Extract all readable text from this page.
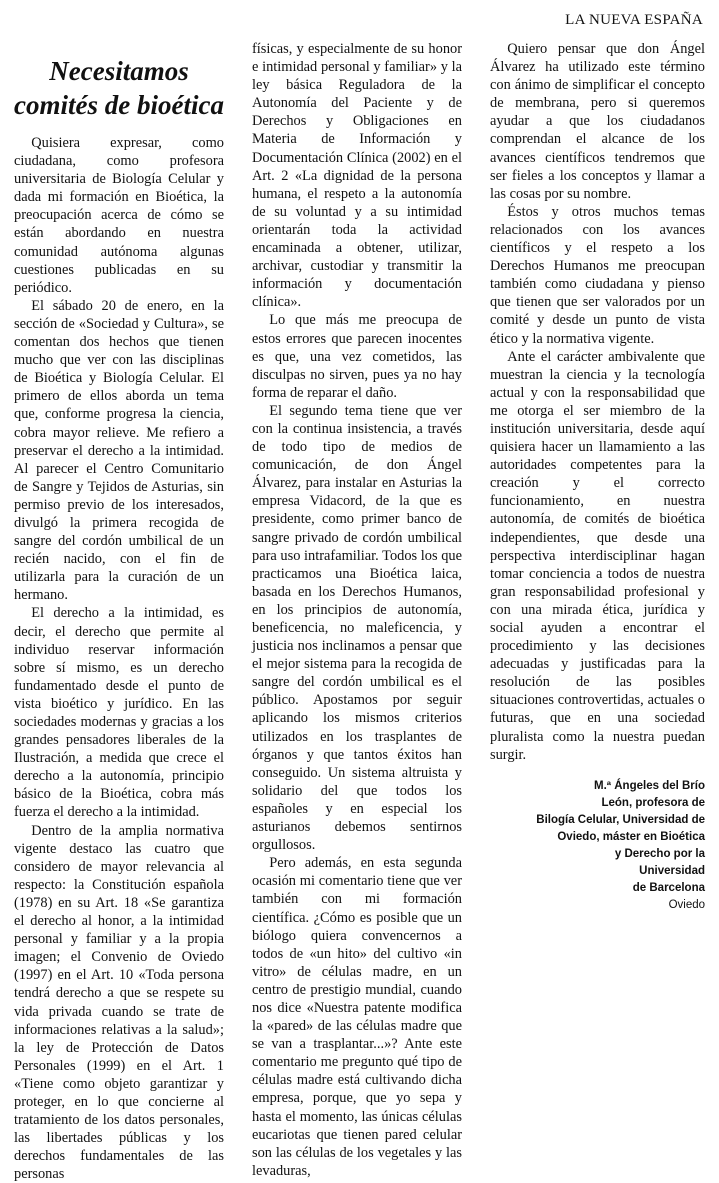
LA NUEVA ESPAÑA
Necesitamos comités de bioética

Quisiera expresar, como ciudadana, como profesora universitaria de Biología Celular y dada mi formación en Bioética, la preocupación acerca de cómo se están abordando en nuestra comunidad autónoma algunas cuestiones publicadas en su periódico.

El sábado 20 de enero, en la sección de «Sociedad y Cultura», se comentan dos hechos que tienen mucho que ver con las disciplinas de Bioética y Biología Celular. El primero de ellos aborda un tema que, conforme progresa la ciencia, cobra mayor relieve. Me refiero a preservar el derecho a la intimidad. Al parecer el Centro Comunitario de Sangre y Tejidos de Asturias, sin permiso previo de los interesados, divulgó la primera recogida de sangre del cordón umbilical de un recién nacido, con el fin de utilizarla para la curación de un hermano.

El derecho a la intimidad, es decir, el derecho que permite al individuo reservar información sobre sí mismo, es un derecho fundamentado desde el punto de vista bioético y jurídico. En las sociedades modernas y gracias a los grandes pensadores liberales de la Ilustración, a medida que crece el derecho a la autonomía, principio básico de la Bioética, cobra más fuerza el derecho a la intimidad.

Dentro de la amplia normativa vigente destaco las cuatro que considero de mayor relevancia al respecto: la Constitución española (1978) en su Art. 18 «Se garantiza el derecho al honor, a la intimidad personal y familiar y a la propia imagen; el Convenio de Oviedo (1997) en el Art. 10 «Toda persona tendrá derecho a que se respete su vida privada cuando se trate de informaciones relativas a la salud»; la ley de Protección de Datos Personales (1999) en el Art. 1 «Tiene como objeto garantizar y proteger, en lo que concierne al tratamiento de los datos personales, las libertades públicas y los derechos fundamentales de las personas

físicas, y especialmente de su honor e intimidad personal y familiar» y la ley básica Reguladora de la Autonomía del Paciente y de Derechos y Obligaciones en Materia de Información y Documentación Clínica (2002) en el Art. 2 «La dignidad de la persona humana, el respeto a la autonomía de su voluntad y a su intimidad orientarán toda la actividad encaminada a obtener, utilizar, archivar, custodiar y transmitir la información y documentación clínica».

Lo que más me preocupa de estos errores que parecen inocentes es que, una vez cometidos, las disculpas no sirven, pues ya no hay forma de reparar el daño.

El segundo tema tiene que ver con la continua insistencia, a través de todo tipo de medios de comunicación, de don Ángel Álvarez, para instalar en Asturias la empresa Vidacord, de la que es presidente, como primer banco de sangre privado de cordón umbilical para uso intrafamiliar. Todos los que practicamos una Bioética laica, basada en los Derechos Humanos, en los principios de autonomía, beneficencia, no maleficencia, y justicia nos inclinamos a pensar que el mejor sistema para la recogida de sangre del cordón umbilical es el público. Apostamos por seguir aplicando los mismos criterios utilizados en los trasplantes de órganos y que tantos éxitos han conseguido. Un sistema altruista y solidario del que todos los españoles y en especial los asturianos debemos sentirnos orgullosos.

Pero además, en esta segunda ocasión mi comentario tiene que ver también con mi formación científica. ¿Cómo es posible que un biólogo quiera convencernos a todos de «un hito» del cultivo «in vitro» de células madre, en un centro de prestigio mundial, cuando nos dice «Nuestra patente modifica la «pared» de las células madre que se van a trasplantar...»? Ante este comentario me pregunto qué tipo de células madre está cultivando dicha empresa, porque, que yo sepa y hasta el momento, las únicas células eucariotas que tienen pared celular son las células de los vegetales y las levaduras,

Quiero pensar que don Ángel Álvarez ha utilizado este término con ánimo de simplificar el concepto de membrana, pero si queremos ayudar a que los ciudadanos comprendan el alcance de los avances científicos tendremos que ser fieles a los conceptos y llamar a las cosas por su nombre.

Éstos y otros muchos temas relacionados con los avances científicos y el respeto a los Derechos Humanos me preocupan también como ciudadana y pienso que tienen que ser valorados por un comité y desde un punto de vista ético y la normativa vigente.

Ante el carácter ambivalente que muestran la ciencia y la tecnología actual y con la responsabilidad que me otorga el ser miembro de la institución universitaria, desde aquí quisiera hacer un llamamiento a las autoridades competentes para la creación y el correcto funcionamiento, en nuestra autonomía, de comités de bioética independientes, que desde una perspectiva interdisciplinar hagan tomar conciencia a todos de nuestra gran responsabilidad profesional y con una mirada ética, jurídica y social ayuden a encontrar el procedimiento y las decisiones adecuadas y justificadas para la resolución de las posibles situaciones controvertidas, actuales o futuras, que en una sociedad pluralista como la nuestra puedan surgir.

M.ª Ángeles del Brío
León, profesora de
Bilogía Celular, Universidad de
Oviedo, máster en Bioética
y Derecho por la
Universidad
de Barcelona
Oviedo
